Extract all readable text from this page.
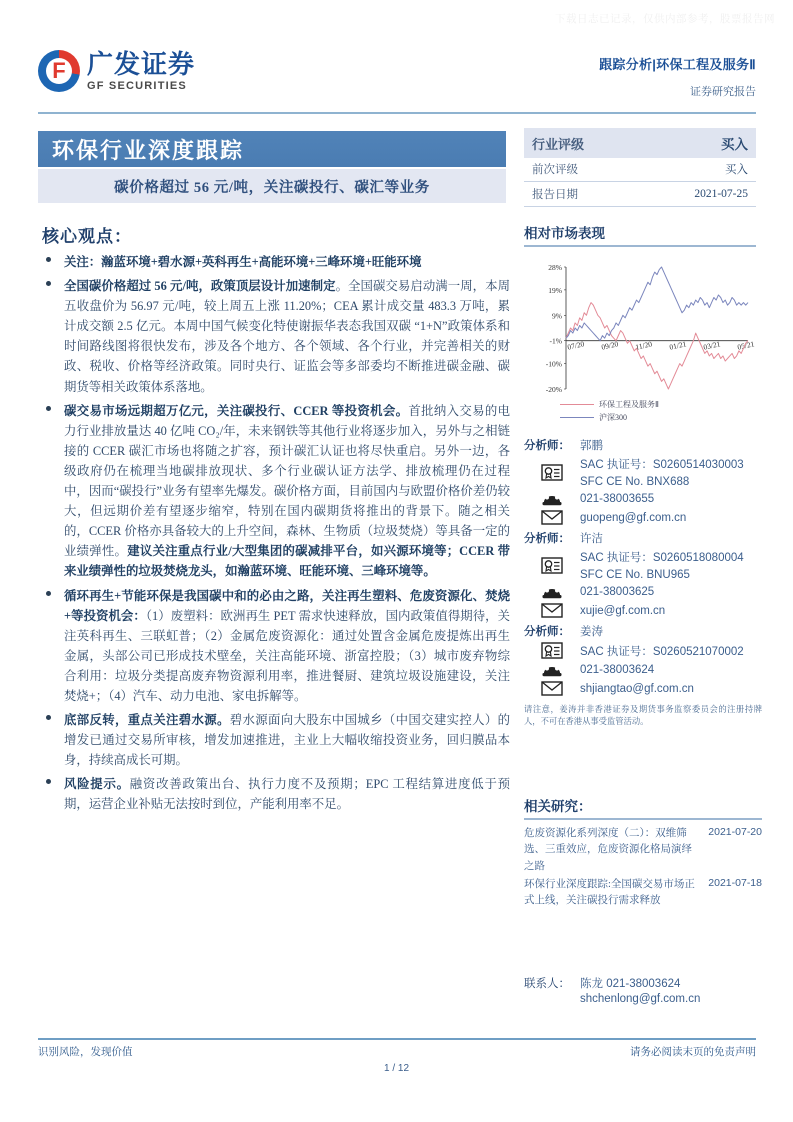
下载日志已记录，仅供内部参考，股票报告网
F
广发证券
GF SECURITIES
跟踪分析|环保工程及服务Ⅱ
证券研究报告
环保行业深度跟踪
碳价格超过 56 元/吨，关注碳投行、碳汇等业务
行业评级	买入
前次评级	买入
报告日期	2021-07-25
核心观点：
关注：瀚蓝环境+碧水源+英科再生+高能环境+三峰环境+旺能环境
全国碳价格超过 56 元/吨，政策顶层设计加速制定。全国碳交易启动满一周，本周五收盘价为 56.97 元/吨，较上周五上涨 11.20%；CEA 累计成交量 483.3 万吨，累计成交额 2.5 亿元。本周中国气候变化特使谢振华表态我国双碳 “1+N”政策体系和时间路线图将很快发布，涉及各个地方、各个领域、各个行业，并完善相关的财政、税收、价格等经济政策。同时央行、证监会等多部委均不断推进碳金融、碳期货等相关政策体系落地。
碳交易市场远期超万亿元，关注碳投行、CCER 等投资机会。首批纳入交易的电力行业排放量达 40 亿吨 CO₂/年，未来钢铁等其他行业将逐步加入，另外与之相链接的 CCER 碳汇市场也将随之扩容，预计碳汇认证也将尽快重启。另外一边，各级政府仍在梳理当地碳排放现状、多个行业碳认证方法学、排放梳理仍在过程中，因而“碳投行”业务有望率先爆发。碳价格方面，目前国内与欧盟价格价差仍较大，但远期价差有望逐步缩窄，特别在国内碳期货将推出的背景下。随之相关的，CCER 价格亦具备较大的上升空间，森林、生物质（垃圾焚烧）等具备一定的业绩弹性。建议关注重点行业/大型集团的碳减排平台，如兴源环境等；CCER 带来业绩弹性的垃圾焚烧龙头，如瀚蓝环境、旺能环境、三峰环境等。
循环再生+节能环保是我国碳中和的必由之路，关注再生塑料、危废资源化、焚烧+等投资机会：（1）废塑料：欧洲再生 PET 需求快速释放，国内政策值得期待，关注英科再生、三联虹普；（2）金属危废资源化：通过处置含金属危废提炼出再生金属，头部公司已形成技术壁垒，关注高能环境、浙富控股；（3）城市废弃物综合利用：垃圾分类提高废弃物资源利用率，推进餐厨、建筑垃圾设施建设，关注焚烧+；（4）汽车、动力电池、家电拆解等。
底部反转，重点关注碧水源。碧水源面向大股东中国城乡（中国交建实控人）的增发已通过交易所审核，增发加速推进，主业上大幅收缩投资业务，回归膜品本身，持续高成长可期。
风险提示。融资改善政策出台、执行力度不及预期；EPC 工程结算进度低于预期，运营企业补贴无法按时到位，产能利用率不足。
相对市场表现
28%
19%
9%
-1%
-10%
-20%
07/20 09/20 11/20 01/21 03/21 05/21
环保工程及服务Ⅱ
沪深300
分析师： 郭鹏
SAC 执证号：S0260514030003
SFC CE No. BNX688
021-38003655
guopeng@gf.com.cn
分析师： 许洁
SAC 执证号：S0260518080004
SFC CE No. BNU965
021-38003625
xujie@gf.com.cn
分析师： 姜涛
SAC 执证号：S0260521070002
021-38003624
shjiangtao@gf.com.cn
请注意，姜涛并非香港证券及期货事务监察委员会的注册持牌人，不可在香港从事受监管活动。
相关研究：
危废资源化系列深度（二）：双维筛选、三重效应，危废资源化格局演绎之路
2021-07-20
环保行业深度跟踪:全国碳交易市场正式上线，关注碳投行需求释放
2021-07-18
联系人： 陈龙 021-38003624
shchenlong@gf.com.cn
识别风险，发现价值	请务必阅读末页的免责声明
1 / 12
